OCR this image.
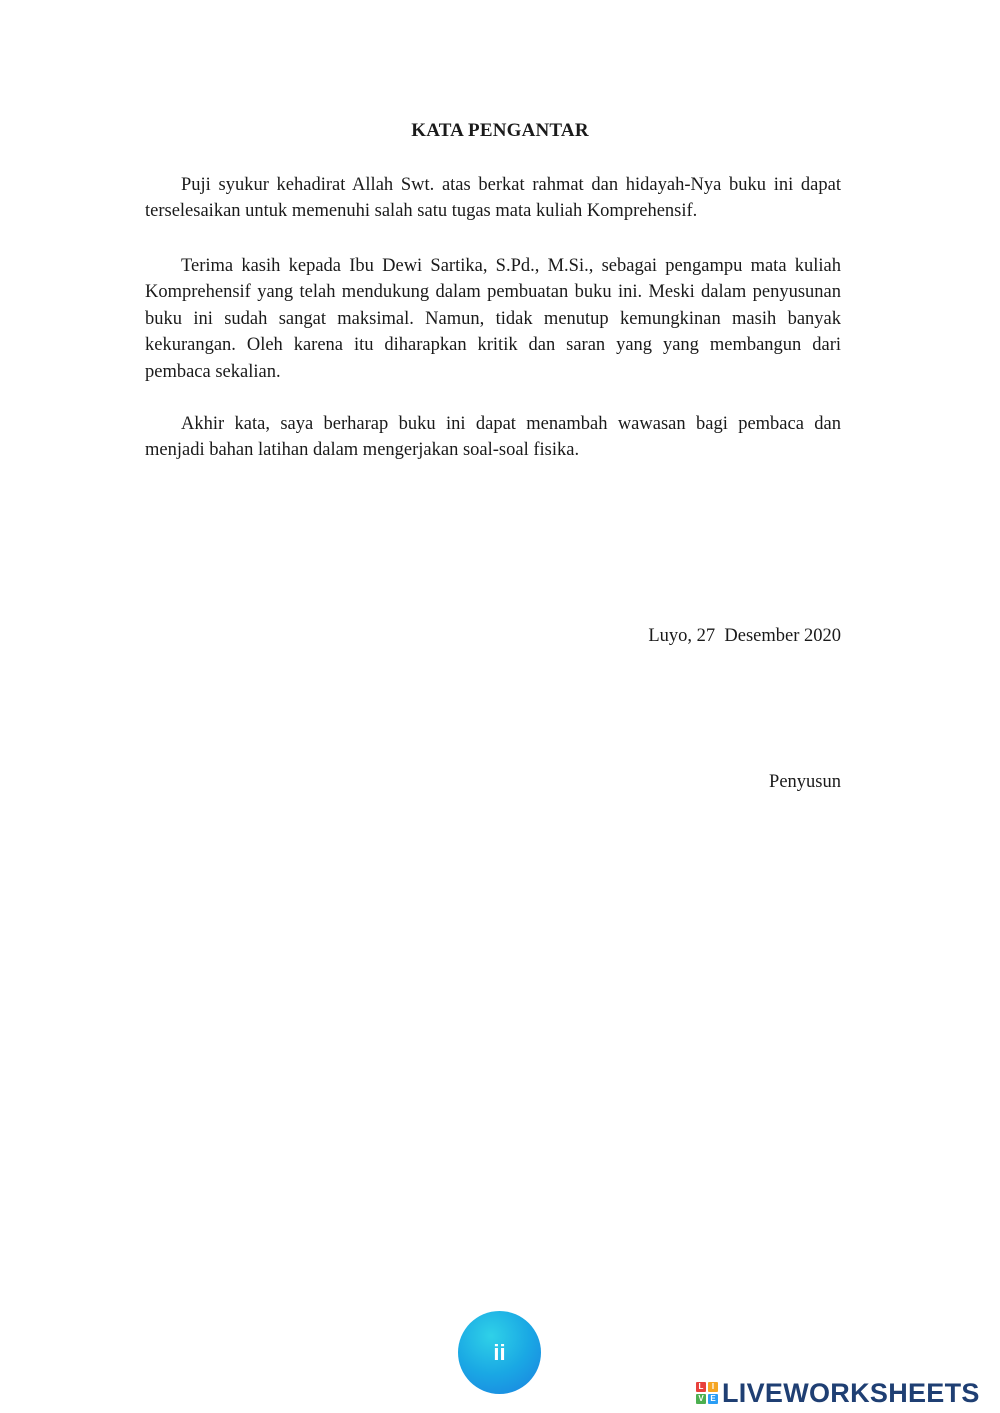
KATA PENGANTAR

Puji syukur kehadirat Allah Swt. atas berkat rahmat dan hidayah-Nya buku ini dapat terselesaikan untuk memenuhi salah satu tugas mata kuliah Komprehensif.

Terima kasih kepada Ibu Dewi Sartika, S.Pd., M.Si., sebagai pengampu mata kuliah Komprehensif yang telah mendukung dalam pembuatan buku ini. Meski dalam penyusunan buku ini sudah sangat maksimal. Namun, tidak menutup kemungkinan masih banyak kekurangan. Oleh karena itu diharapkan kritik dan saran yang yang membangun dari pembaca sekalian.

Akhir kata, saya berharap buku ini dapat menambah wawasan bagi pembaca dan menjadi bahan latihan dalam mengerjakan soal-soal fisika.

Luyo, 27  Desember 2020
Penyusun
ii
L	I
V E LIVEWORKSHEETS
